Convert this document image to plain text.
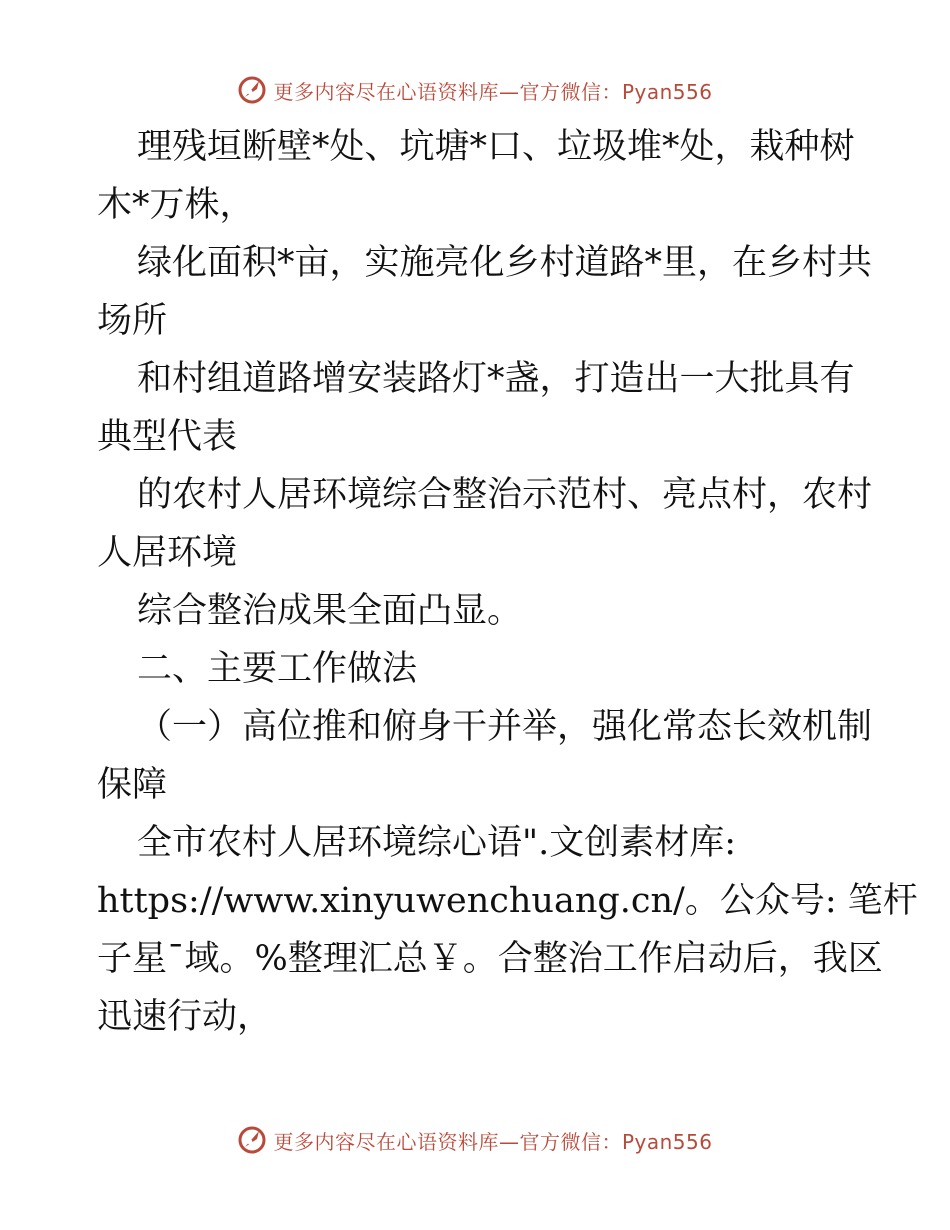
更多内容尽在心语资料库—官方微信：Pyan556
理残垣断壁*处、坑塘*口、垃圾堆*处，栽种树
木*万株，
绿化面积*亩，实施亮化乡村道路*里，在乡村共
场所
和村组道路增安装路灯*盏，打造出一大批具有
典型代表
的农村人居环境综合整治示范村、亮点村，农村
人居环境
综合整治成果全面凸显。
二、主要工作做法
（一）高位推和俯身干并举，强化常态长效机制
保障
全市农村人居环境综心语".文创素材库:
https://www.xinyuwenchuang.cn/。公众号: 笔杆
子星¯域。%整理汇总￥。合整治工作启动后，我区
迅速行动，
更多内容尽在心语资料库—官方微信：Pyan556
